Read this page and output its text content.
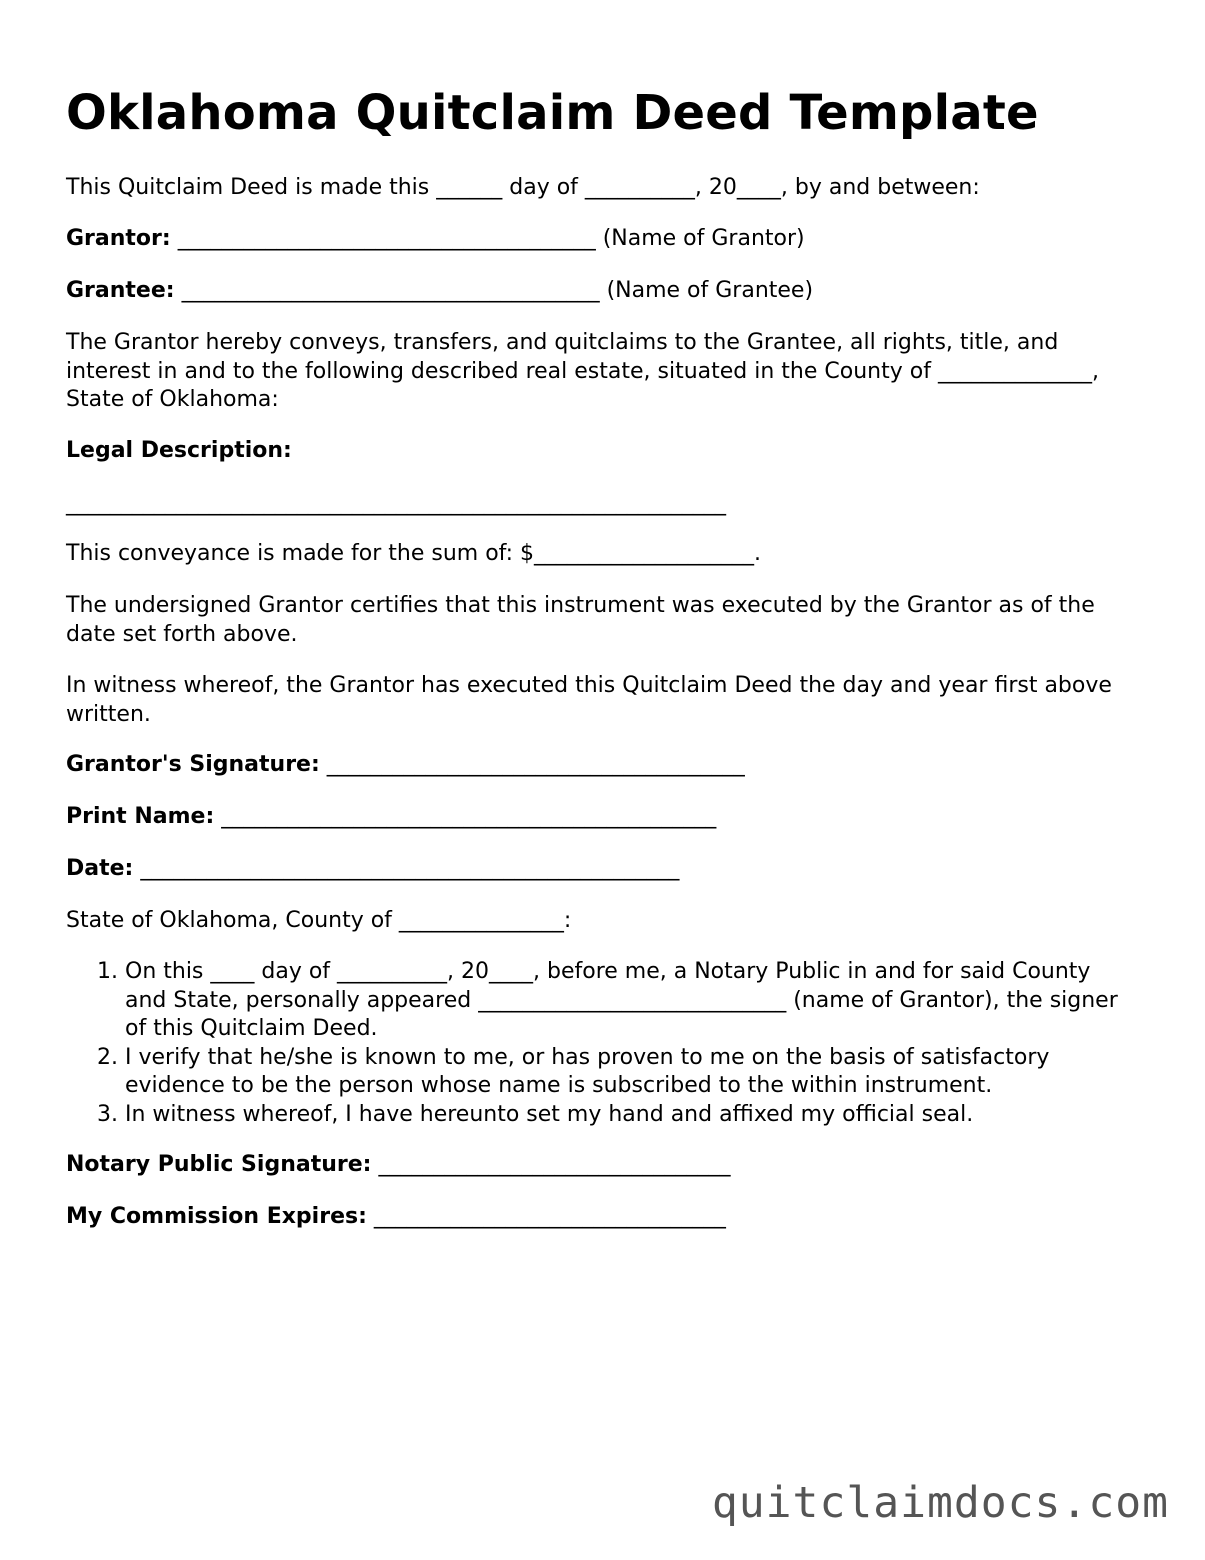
Oklahoma Quitclaim Deed Template

This Quitclaim Deed is made this ______ day of __________, 20____, by and between:

Grantor: ______________________________________ (Name of Grantor)

Grantee: ______________________________________ (Name of Grantee)

The Grantor hereby conveys, transfers, and quitclaims to the Grantee, all rights, title, and interest in and to the following described real estate, situated in the County of ______________, State of Oklahoma:

Legal Description:

____________________________________________________________

This conveyance is made for the sum of: $____________________.

The undersigned Grantor certifies that this instrument was executed by the Grantor as of the date set forth above.

In witness whereof, the Grantor has executed this Quitclaim Deed the day and year first above written.

Grantor's Signature: ______________________________________

Print Name: _____________________________________________

Date: _________________________________________________

State of Oklahoma, County of _______________:

1. On this ____ day of __________, 20____, before me, a Notary Public in and for said County and State, personally appeared ____________________________ (name of Grantor), the signer of this Quitclaim Deed.
2. I verify that he/she is known to me, or has proven to me on the basis of satisfactory evidence to be the person whose name is subscribed to the within instrument.
3. In witness whereof, I have hereunto set my hand and affixed my official seal.

Notary Public Signature: ________________________________

My Commission Expires: ________________________________

quitclaimdocs.com
